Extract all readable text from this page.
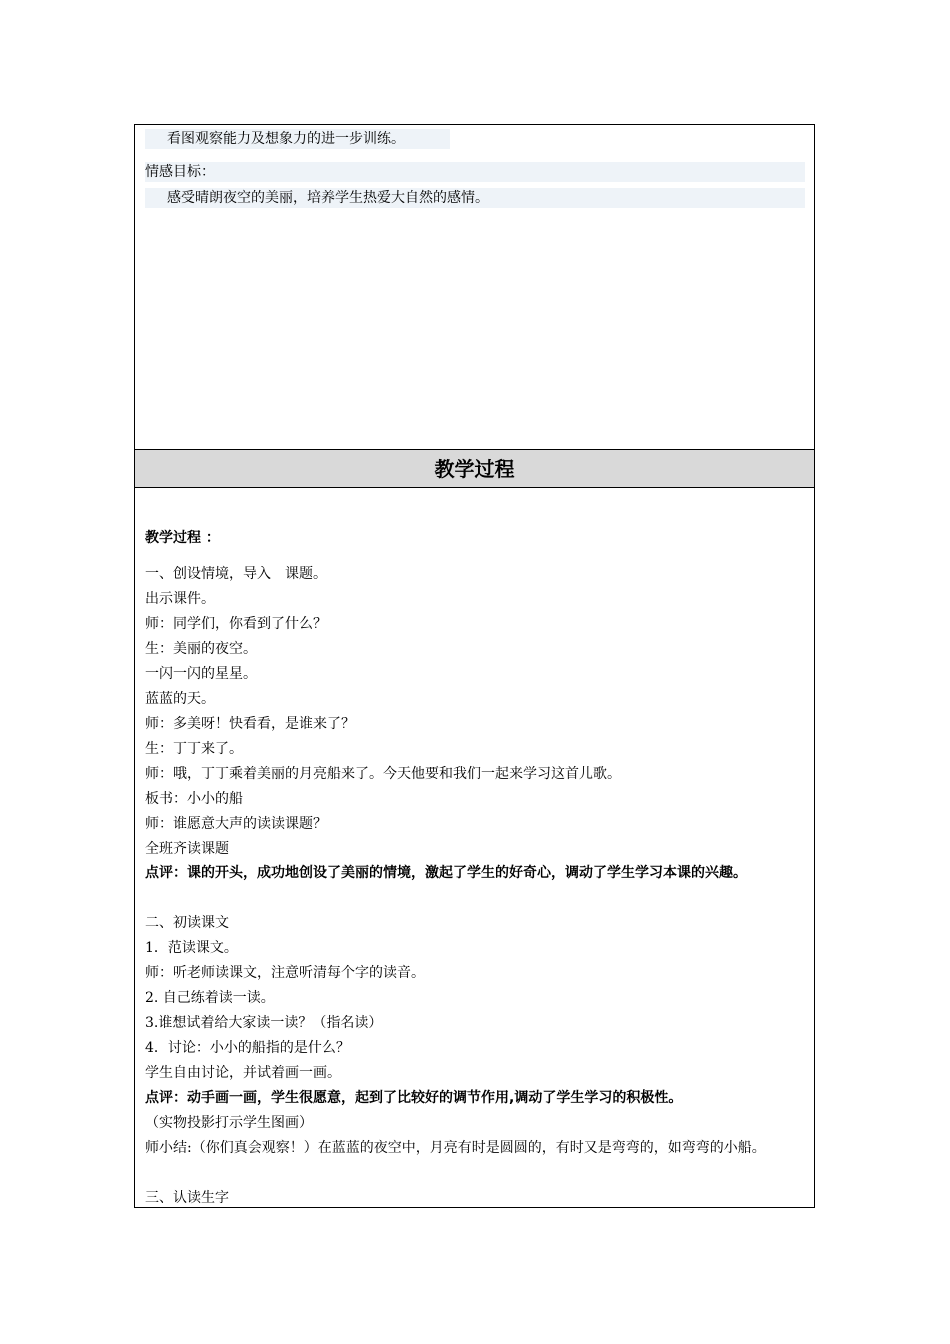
看图观察能力及想象力的进一步训练。
情感目标：
感受晴朗夜空的美丽，培养学生热爱大自然的感情。
教学过程
教学过程 ：
一、创设情境，导入　课题。
出示课件。
师：同学们，你看到了什么？
生：美丽的夜空。
一闪一闪的星星。
蓝蓝的天。
师：多美呀！快看看，是谁来了？
生：丁丁来了。
师：哦，丁丁乘着美丽的月亮船来了。今天他要和我们一起来学习这首儿歌。
板书：小小的船
师：谁愿意大声的读读课题？
全班齐读课题
点评：课的开头，成功地创设了美丽的情境，激起了学生的好奇心，调动了学生学习本课的兴趣。
二、初读课文
1．范读课文。
师：听老师读课文，注意听清每个字的读音。
2. 自己练着读一读。
3.谁想试着给大家读一读？（指名读）
4．讨论：小小的船指的是什么？
学生自由讨论，并试着画一画。
点评：动手画一画，学生很愿意，起到了比较好的调节作用,调动了学生学习的积极性。
（实物投影打示学生图画）
师小结:（你们真会观察！）在蓝蓝的夜空中，月亮有时是圆圆的，有时又是弯弯的，如弯弯的小船。
三、认读生字
